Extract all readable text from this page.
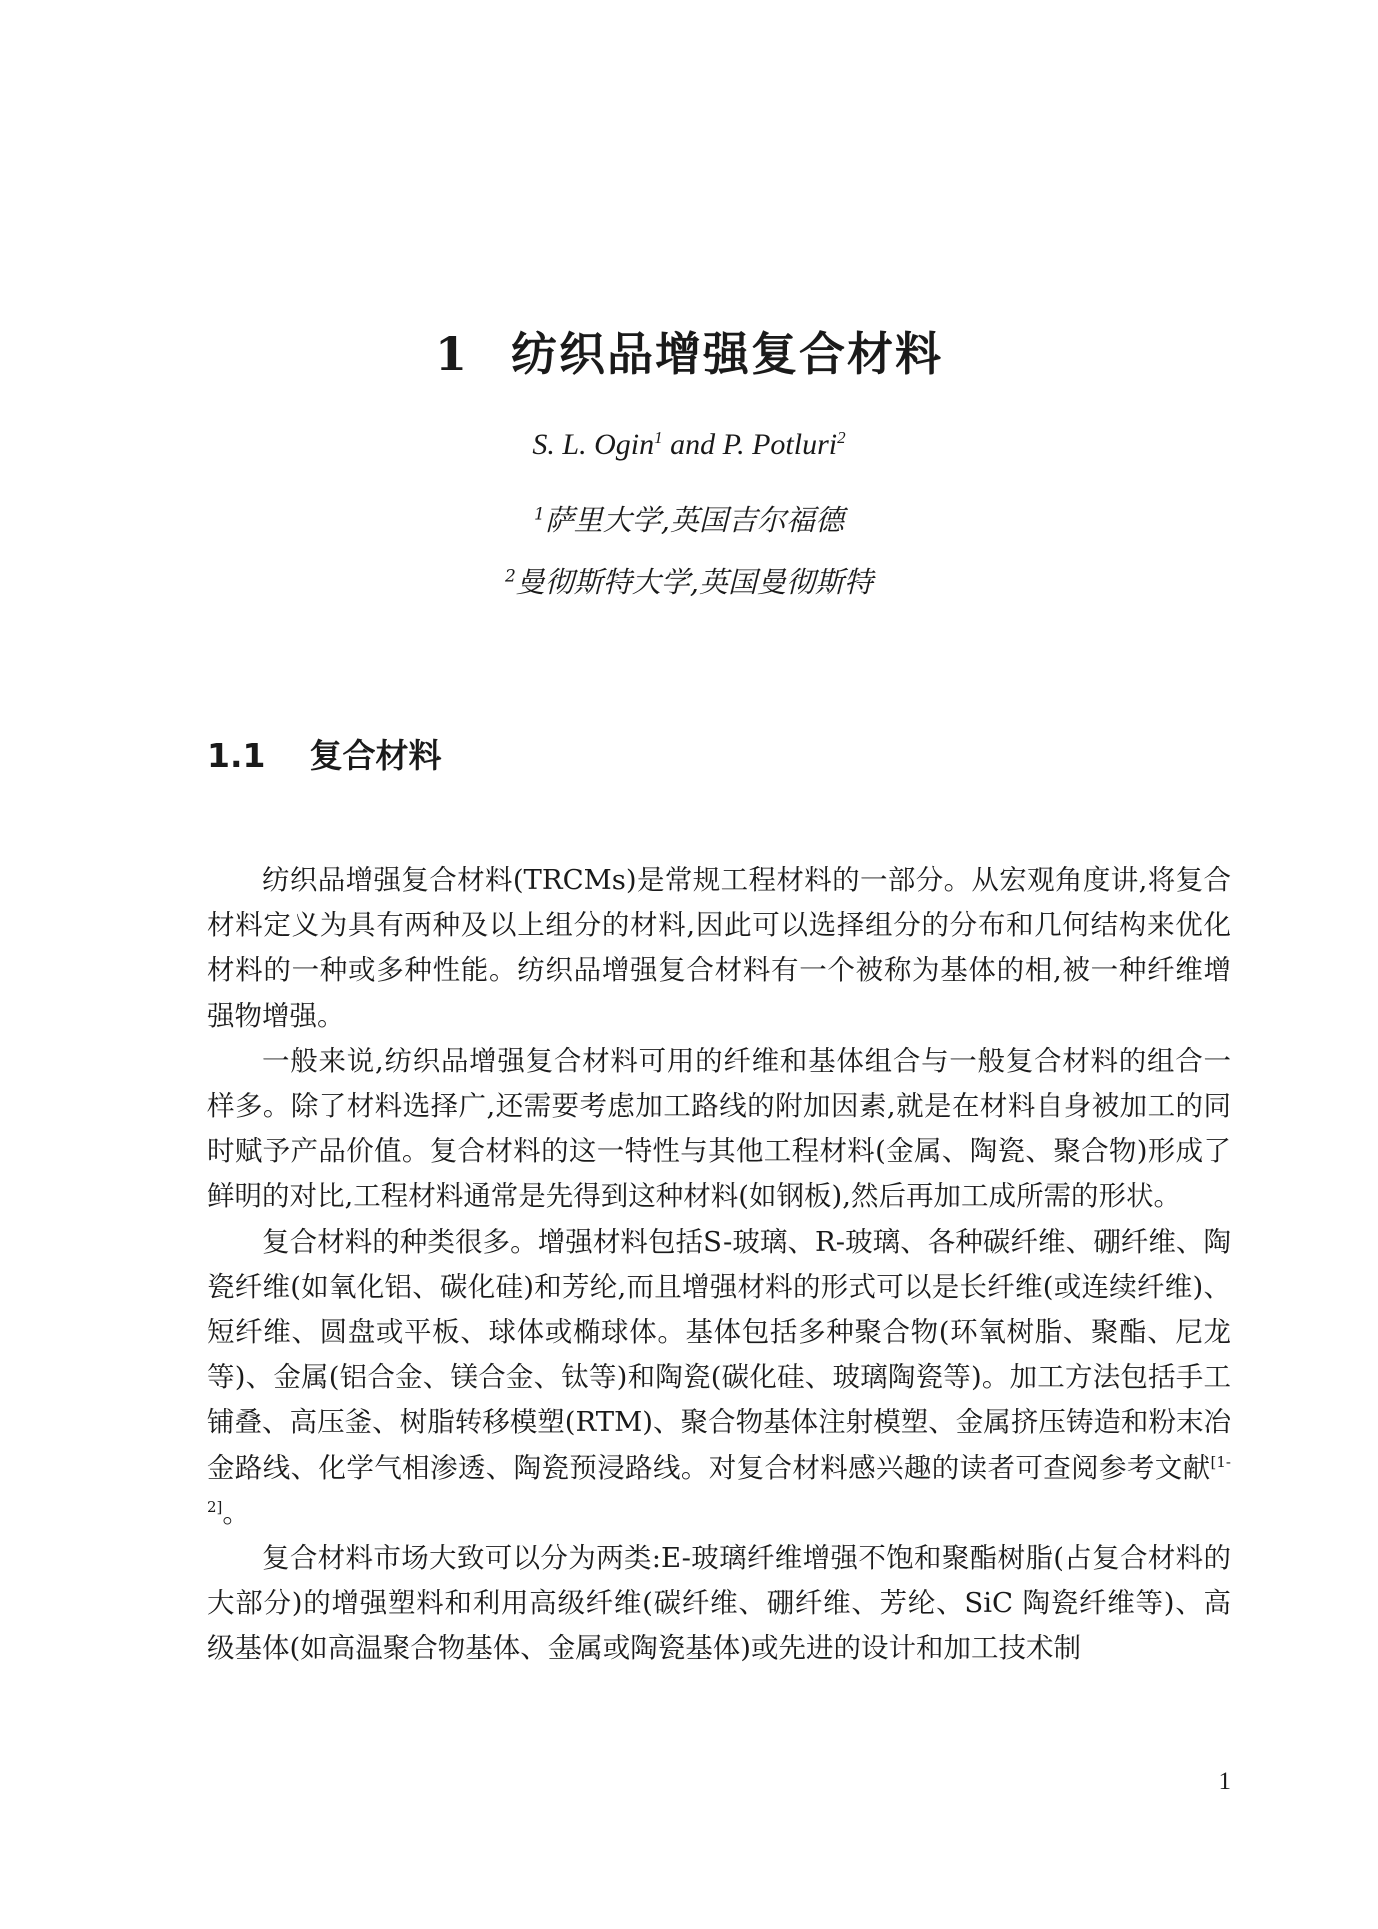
1 纺织品增强复合材料
S. L. Ogin$^1$ and P. Potluri$^2$
$^1$萨里大学,英国吉尔福德
$^2$曼彻斯特大学,英国曼彻斯特
1.1 复合材料

纺织品增强复合材料(TRCMs)是常规工程材料的一部分。从宏观角度讲,将复合材料定义为具有两种及以上组分的材料,因此可以选择组分的分布和几何结构来优化材料的一种或多种性能。纺织品增强复合材料有一个被称为基体的相,被一种纤维增强物增强。

一般来说,纺织品增强复合材料可用的纤维和基体组合与一般复合材料的组合一样多。除了材料选择广,还需要考虑加工路线的附加因素,就是在材料自身被加工的同时赋予产品价值。复合材料的这一特性与其他工程材料(金属、陶瓷、聚合物)形成了鲜明的对比,工程材料通常是先得到这种材料(如钢板),然后再加工成所需的形状。

复合材料的种类很多。增强材料包括S-玻璃、R-玻璃、各种碳纤维、硼纤维、陶瓷纤维(如氧化铝、碳化硅)和芳纶,而且增强材料的形式可以是长纤维(或连续纤维)、短纤维、圆盘或平板、球体或椭球体。基体包括多种聚合物(环氧树脂、聚酯、尼龙等)、金属(铝合金、镁合金、钛等)和陶瓷(碳化硅、玻璃陶瓷等)。加工方法包括手工铺叠、高压釜、树脂转移模塑(RTM)、聚合物基体注射模塑、金属挤压铸造和粉末冶金路线、化学气相渗透、陶瓷预浸路线。对复合材料感兴趣的读者可查阅参考文献[1-2]。

复合材料市场大致可以分为两类:E-玻璃纤维增强不饱和聚酯树脂(占复合材料的大部分)的增强塑料和利用高级纤维(碳纤维、硼纤维、芳纶、SiC 陶瓷纤维等)、高级基体(如高温聚合物基体、金属或陶瓷基体)或先进的设计和加工技术制

1
